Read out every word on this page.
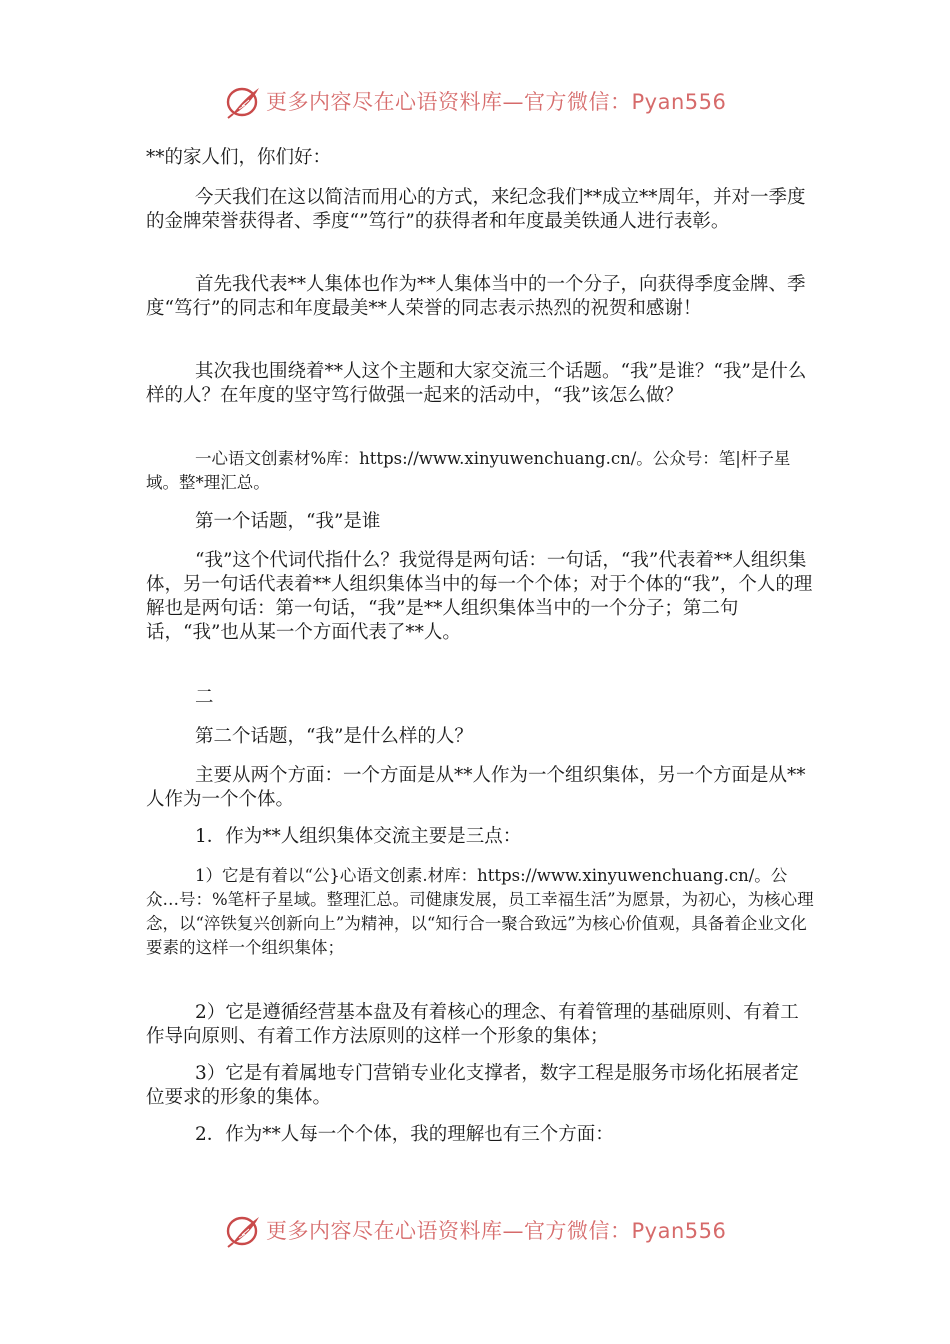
更多内容尽在心语资料库—官方微信：Pyan556

**的家人们，你们好：

今天我们在这以简洁而用心的方式，来纪念我们**成立**周年，并对一季度的金牌荣誉获得者、季度“”笃行”的获得者和年度最美铁通人进行表彰。

首先我代表**人集体也作为**人集体当中的一个分子，向获得季度金牌、季度“笃行”的同志和年度最美**人荣誉的同志表示热烈的祝贺和感谢！

其次我也围绕着**人这个主题和大家交流三个话题。“我”是谁？“我”是什么样的人？在年度的坚守笃行做强一起来的活动中，“我”该怎么做？

一心语文创素材%库：https://www.xinyuwenchuang.cn/。公众号：笔|杆子星域。整*理汇总。

第一个话题，“我”是谁

“我”这个代词代指什么？我觉得是两句话：一句话，“我”代表着**人组织集体，另一句话代表着**人组织集体当中的每一个个体；对于个体的“我”，个人的理解也是两句话：第一句话，“我”是**人组织集体当中的一个分子；第二句话，“我”也从某一个方面代表了**人。

二

第二个话题，“我”是什么样的人？

主要从两个方面：一个方面是从**人作为一个组织集体，另一个方面是从**人作为一个个体。

1．作为**人组织集体交流主要是三点：

1）它是有着以“公}心语文创素.材库：https://www.xinyuwenchuang.cn/。公众…号：%笔杆子星域。整理汇总。司健康发展，员工幸福生活”为愿景，为初心，为核心理念，以“淬铁复兴创新向上”为精神，以“知行合一聚合致远”为核心价值观，具备着企业文化要素的这样一个组织集体；

2）它是遵循经营基本盘及有着核心的理念、有着管理的基础原则、有着工作导向原则、有着工作方法原则的这样一个形象的集体；

3）它是有着属地专门营销专业化支撑者，数字工程是服务市场化拓展者定位要求的形象的集体。

2．作为**人每一个个体，我的理解也有三个方面：

更多内容尽在心语资料库—官方微信：Pyan556
